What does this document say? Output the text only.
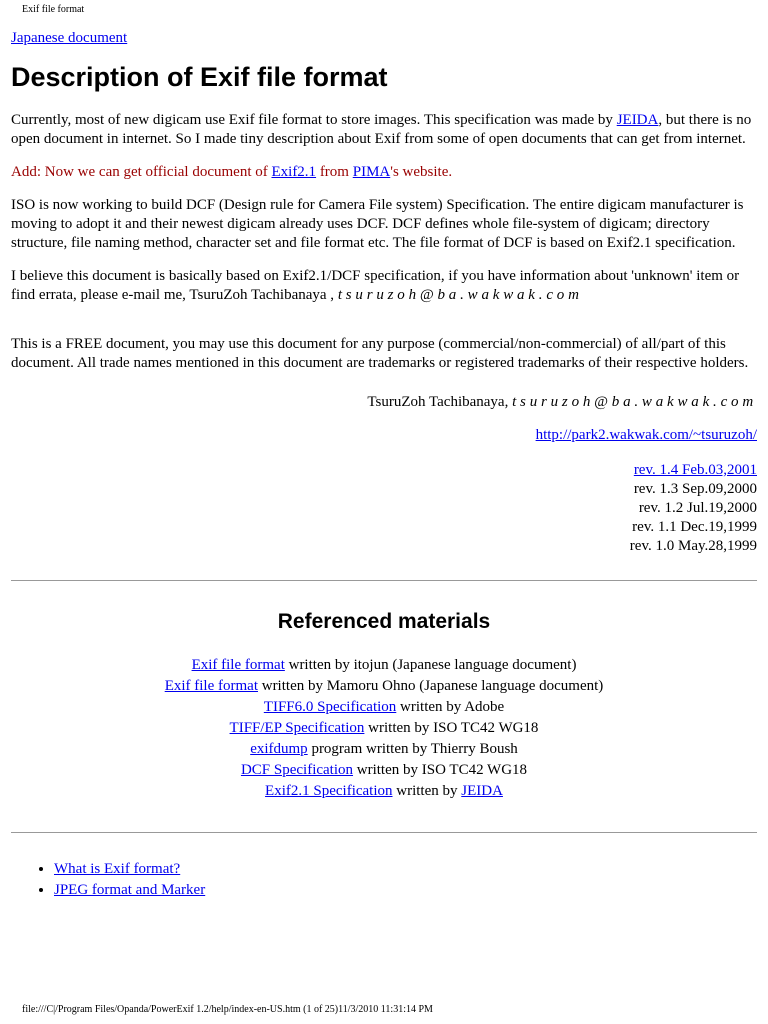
Exif file format
Japanese document
Description of Exif file format

Currently, most of new digicam use Exif file format to store images. This specification was made by JEIDA, but there is no open document in internet. So I made tiny description about Exif from some of open documents that can get from internet.

Add: Now we can get official document of Exif2.1 from PIMA's website.

ISO is now working to build DCF (Design rule for Camera File system) Specification. The entire digicam manufacturer is moving to adopt it and their newest digicam already uses DCF. DCF defines whole file-system of digicam; directory structure, file naming method, character set and file format etc. The file format of DCF is based on Exif2.1 specification.

I believe this document is basically based on Exif2.1/DCF specification, if you have information about 'unknown' item or find errata, please e-mail me, TsuruZoh Tachibanaya , tsuruzoh@ba.wakwak.com

This is a FREE document, you may use this document for any purpose (commercial/non-commercial) of all/part of this document. All trade names mentioned in this document are trademarks or registered trademarks of their respective holders.

TsuruZoh Tachibanaya, tsuruzoh@ba.wakwak.com

http://park2.wakwak.com/~tsuruzoh/

rev. 1.4 Feb.03,2001
rev. 1.3 Sep.09,2000
rev. 1.2 Jul.19,2000
rev. 1.1 Dec.19,1999
rev. 1.0 May.28,1999
Referenced materials
Exif file format written by itojun (Japanese language document)
Exif file format written by Mamoru Ohno (Japanese language document)
TIFF6.0 Specification written by Adobe
TIFF/EP Specification written by ISO TC42 WG18
exifdump program written by Thierry Boush
DCF Specification written by ISO TC42 WG18
Exif2.1 Specification written by JEIDA
• What is Exif format?
• JPEG format and Marker
file:///C|/Program Files/Opanda/PowerExif 1.2/help/index-en-US.htm (1 of 25)11/3/2010 11:31:14 PM
